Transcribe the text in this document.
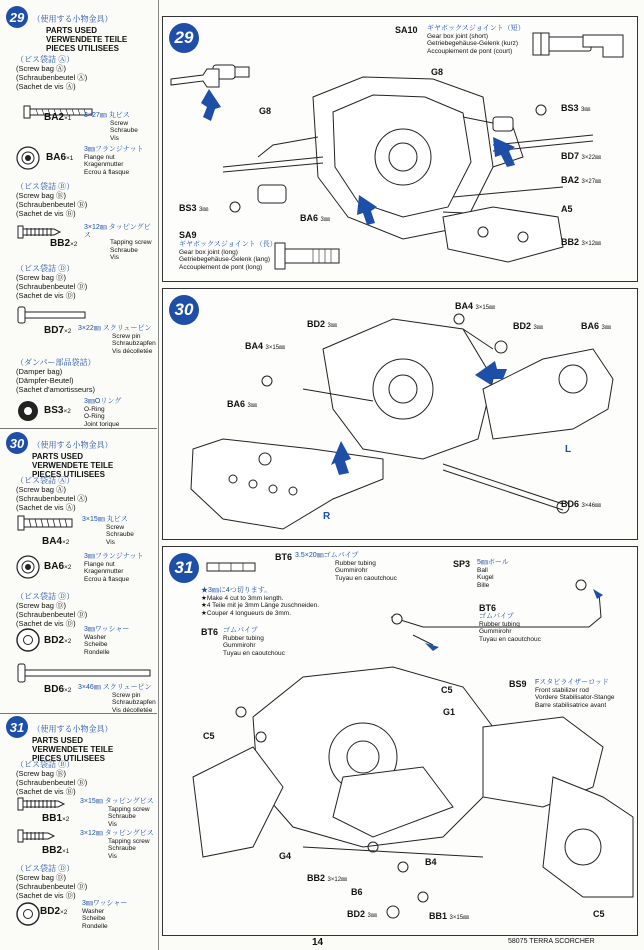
29 （使用する小物金具）
PARTS USED
VERWENDETE TEILE
PIECES UTILISEES
（ビス袋詰 Ⓐ）
(Screw bag Ⓐ)
(Schraubenbeutel Ⓐ)
(Sachet de vis Ⓐ)
BA2×1 3×27㎜ 丸ビス
Screw
Schraube
Vis
BA6×1
3㎜フランジナット
Flange nut
Kragenmutter
Ecrou à flasque
（ビス袋詰 Ⓑ）
(Screw bag Ⓑ)
(Schraubenbeutel Ⓑ)
(Sachet de vis Ⓑ)
BB2×2
3×12㎜ タッピングビス
Tapping screw
Schraube
Vis
（ビス袋詰 Ⓓ）
(Screw bag Ⓓ)
(Schraubenbeutel Ⓓ)
(Sachet de vis Ⓓ)
BD7×2 3×22㎜ スクリューピン
Screw pin
Schraubzapfen
Vis décolletée
（ダンパー部品袋詰）
(Damper bag)
(Dämpfer-Beutel)
(Sachet d'amortisseurs)
BS3×2
3㎜Oリング
O-Ring
O-Ring
Joint torique
30 （使用する小物金具）
PARTS USED
VERWENDETE TEILE
PIECES UTILISEES
（ビス袋詰 Ⓐ）
(Screw bag Ⓐ)
(Schraubenbeutel Ⓐ)
(Sachet de vis Ⓐ)
BA4×2
3×15㎜ 丸ビス
Screw
Schraube
Vis
BA6×2
3㎜フランジナット
Flange nut
Kragenmutter
Ecrou à flasque
（ビス袋詰 Ⓓ）
(Screw bag Ⓓ)
(Schraubenbeutel Ⓓ)
(Sachet de vis Ⓓ)
BD2×2
3㎜ワッシャー
Washer
Scheibe
Rondelle
BD6×2 3×46㎜ スクリューピン
Screw pin
Schraubzapfen
Vis décolletée
31 （使用する小物金具）
PARTS USED
VERWENDETE TEILE
PIECES UTILISEES
（ビス袋詰 Ⓑ）
(Screw bag Ⓑ)
(Schraubenbeutel Ⓑ)
(Sachet de vis Ⓑ)
BB1×2
3×15㎜ タッピングビス
Tapping screw
Schraube
Vis
BB2×1
3×12㎜ タッピングビス
Tapping screw
Schraube
Vis
（ビス袋詰 Ⓓ）
(Screw bag Ⓓ)
(Schraubenbeutel Ⓓ)
(Sachet de vis Ⓓ)
BD2×2
3㎜ワッシャー
Washer
Scheibe
Rondelle
29	SA10 ギヤボックスジョイント（短）
Gear box joint (short)
Getriebegehäuse-Gelenk (kurz)
Accouplement de pont (court)
SA9
ギヤボックスジョイント（長）
Gear box joint (long)
Getriebegehäuse-Gelenk (lang)
Accouplement de pont (long)
G8
G8	BS3 3㎜
BD7 3×22㎜
BA2 3×27㎜
A5
BB2 3×12㎜
BS3 3㎜
BA6 3㎜
30	BA4 3×15㎜
BD2 3㎜
BA4 3×15㎜
BD2 3㎜	BA6 3㎜
BA6 3㎜
L
R
BD6 3×46㎜
31
BT6 3.5×20㎜ゴムパイプ
Rubber tubing
Gummirohr
Tuyau en caoutchouc
★3㎜に4つ切ります。
★Make 4 cut to 3mm length.
★4 Teile mit je 3mm Länge zuschneiden.
★Couper 4 longueurs de 3mm.
BT6 ゴムパイプ
Rubber tubing
Gummirohr
Tuyau en caoutchouc
SP3 5㎜ボール
Ball
Kugel
Bille
BT6
ゴムパイプ
Rubber tubing
Gummirohr
Tuyau en caoutchouc
BS9 Fスタビライザーロッド
Front stabilizer rod
Vordere Stabilisator-Stange
Barre stabilisatrice avant
C5
G1
C5
G4
B4
BB2 3×12㎜
B6
BD2 3㎜	BB1 3×15㎜	C5
14	58075 TERRA SCORCHER
